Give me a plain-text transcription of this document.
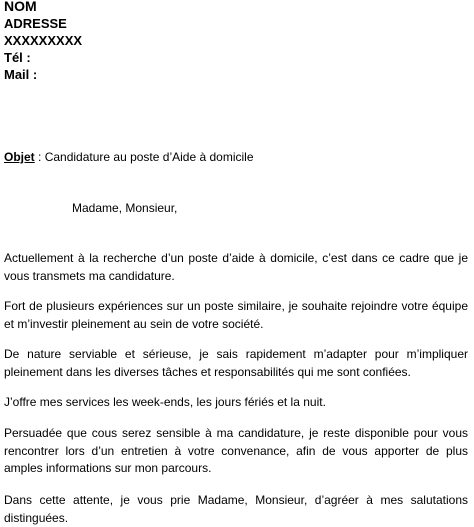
NOM
ADRESSE
XXXXXXXXX
Tél :
Mail :
Objet : Candidature au poste d’Aide à domicile
Madame, Monsieur,

Actuellement à la recherche d’un poste d’aide à domicile, c’est dans ce cadre que je vous transmets ma candidature.

Fort de plusieurs expériences sur un poste similaire, je souhaite rejoindre votre équipe et m’investir pleinement au sein de votre société.

De nature serviable et sérieuse, je sais rapidement m’adapter pour m’impliquer pleinement dans les diverses tâches et responsabilités qui me sont confiées.

J’offre mes services les week-ends, les jours fériés et la nuit.

Persuadée que cous serez sensible à ma candidature, je reste disponible pour vous rencontrer lors d’un entretien à votre convenance, afin de vous apporter de plus amples informations sur mon parcours.

Dans cette attente, je vous prie Madame, Monsieur, d’agréer à mes salutations distinguées.
